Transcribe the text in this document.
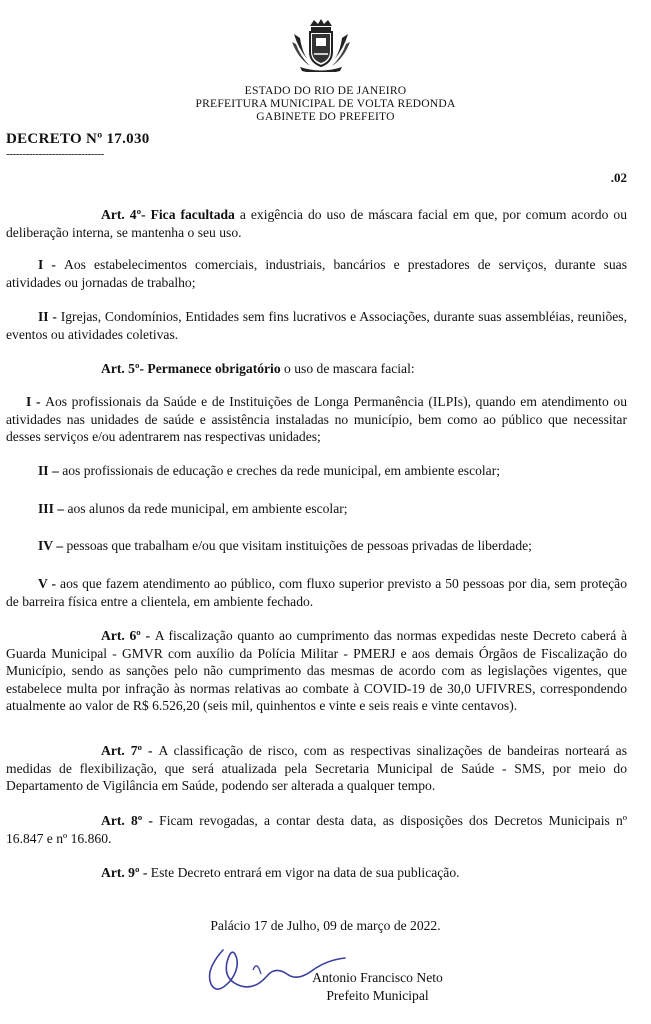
ESTADO DO RIO DE JANEIRO
PREFEITURA MUNICIPAL DE VOLTA REDONDA
GABINETE DO PREFEITO
DECRETO Nº 17.030
------------------------------
.02

Art. 4º- Fica facultada a exigência do uso de máscara facial em que, por comum acordo ou deliberação interna, se mantenha o seu uso.

I - Aos estabelecimentos comerciais, industriais, bancários e prestadores de serviços, durante suas atividades ou jornadas de trabalho;

II - Igrejas, Condomínios, Entidades sem fins lucrativos e Associações, durante suas assembléias, reuniões, eventos ou atividades coletivas.

Art. 5º- Permanece obrigatório o uso de mascara facial:

I - Aos profissionais da Saúde e de Instituições de Longa Permanência (ILPIs), quando em atendimento ou atividades nas unidades de saúde e assistência instaladas no município, bem como ao público que necessitar desses serviços e/ou adentrarem nas respectivas unidades;

II – aos profissionais de educação e creches da rede municipal, em ambiente escolar;

III – aos alunos da rede municipal, em ambiente escolar;

IV – pessoas que trabalham e/ou que visitam instituições de pessoas privadas de liberdade;

V - aos que fazem atendimento ao público, com fluxo superior previsto a 50 pessoas por dia, sem proteção de barreira física entre a clientela, em ambiente fechado.

Art. 6º - A fiscalização quanto ao cumprimento das normas expedidas neste Decreto caberá à Guarda Municipal - GMVR com auxílio da Polícia Militar - PMERJ e aos demais Órgãos de Fiscalização do Município, sendo as sanções pelo não cumprimento das mesmas de acordo com as legislações vigentes, que estabelece multa por infração às normas relativas ao combate à COVID-19 de 30,0 UFIVRES, correspondendo atualmente ao valor de R$ 6.526,20 (seis mil, quinhentos e vinte e seis reais e vinte centavos).

Art. 7º - A classificação de risco, com as respectivas sinalizações de bandeiras norteará as medidas de flexibilização, que será atualizada pela Secretaria Municipal de Saúde - SMS, por meio do Departamento de Vigilância em Saúde, podendo ser alterada a qualquer tempo.

Art. 8º - Ficam revogadas, a contar desta data, as disposições dos Decretos Municipais nº 16.847 e nº 16.860.

Art. 9º - Este Decreto entrará em vigor na data de sua publicação.

Palácio 17 de Julho, 09 de março de 2022.
Antonio Francisco Neto
Prefeito Municipal
